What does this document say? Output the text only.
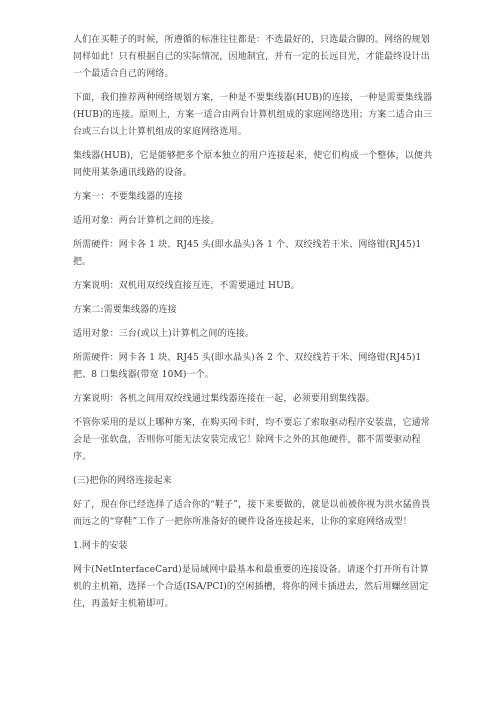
人们在买鞋子的时候，所遵循的标准往往都是：不选最好的，只选最合脚的。网络的规划同样如此！只有根据自己的实际情况，因地制宜，并有一定的长远目光，才能最终设计出一个最适合自己的网络。

下面，我们推荐两种网络规划方案，一种是不要集线器(HUB)的连接，一种是需要集线器(HUB)的连接。原则上，方案一适合由两台计算机组成的家庭网络选用；方案二适合由三台或三台以上计算机组成的家庭网络选用。

集线器(HUB)，它是能够把多个原本独立的用户连接起来，使它们构成一个整体，以便共同使用某条通讯线路的设备。

方案一：不要集线器的连接

适用对象：两台计算机之间的连接。

所需硬件：网卡各 1 块、RJ45 头(即水晶头)各 1 个、双绞线若干米、网络钳(RJ45)1 把。

方案说明：双机用双绞线直接互连，不需要通过 HUB。

方案二:需要集线器的连接

适用对象：三台(或以上)计算机之间的连接。

所需硬件：网卡各 1 块、RJ45 头(即水晶头)各 2 个、双绞线若干米、网络钳(RJ45)1 把、8 口集线器(带宽 10M)一个。

方案说明：各机之间用双绞线通过集线器连接在一起，必须要用到集线器。

不管你采用的是以上哪种方案，在购买网卡时，均不要忘了索取驱动程序安装盘，它通常会是一张软盘，否则你可能无法安装完成它！除网卡之外的其他硬件，都不需要驱动程序。

(三)把你的网络连接起来

好了，现在你已经选择了适合你的“鞋子”，接下来要做的，就是以前被你视为洪水猛兽畏而远之的“穿鞋”工作了一把你所准备好的硬件设备连接起来，让你的家庭网络成型！

1.网卡的安装

网卡(NetInterfaceCard)是局域网中最基本和最重要的连接设备。请逐个打开所有计算机的主机箱，选择一个合适(ISA/PCI)的空闲插槽，将你的网卡插进去，然后用螺丝固定住，再盖好主机箱即可。
